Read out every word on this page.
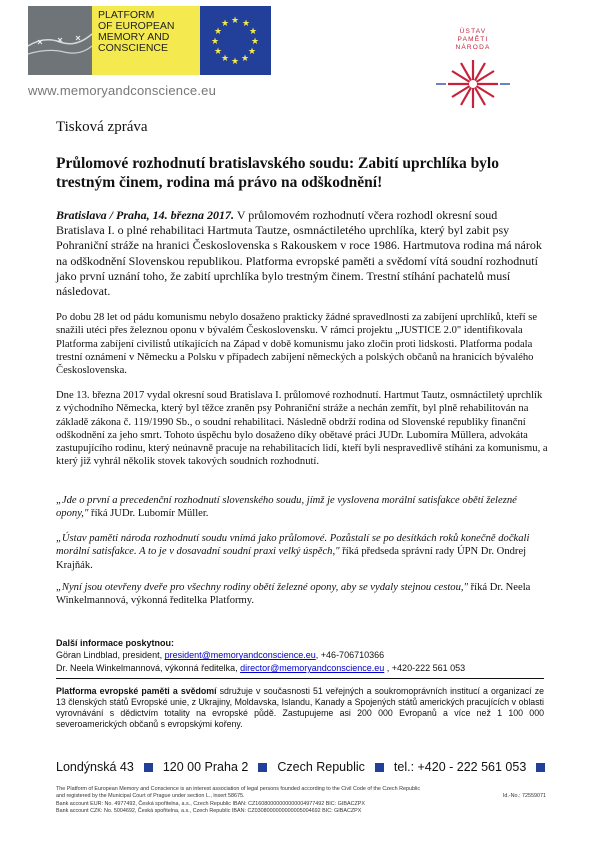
PLATFORM
OF EUROPEAN
MEMORY AND
CONSCIENCE
★ ★
★
★
★
★
★
★
★
★
★
★
www.memoryandconscience.eu
ÚSTAV
PAMĚTI
NÁRODA
Tisková zpráva
Průlomové rozhodnutí bratislavského soudu: Zabití uprchlíka bylo trestným činem, rodina má právo na odškodnění!
Bratislava / Praha, 14. března 2017. V průlomovém rozhodnutí včera rozhodl okresní soud Bratislava I. o plné rehabilitaci Hartmuta Tautze, osmnáctiletého uprchlíka, který byl zabit psy Pohraniční stráže na hranici Československa s Rakouskem v roce 1986. Hartmutova rodina má nárok na odškodnění Slovenskou republikou. Platforma evropské paměti a svědomí vítá soudní rozhodnutí jako první uznání toho, že zabití uprchlíka bylo trestným činem. Trestní stíhání pachatelů musí následovat.

Po dobu 28 let od pádu komunismu nebylo dosaženo prakticky žádné spravedlnosti za zabíjení uprchlíků, kteří se snažili utéci přes železnou oponu v bývalém Československu. V rámci projektu „JUSTICE 2.0" identifikovala Platforma zabíjení civilistů utíkajících na Západ v době komunismu jako zločin proti lidskosti. Platforma podala trestní oznámení v Německu a Polsku v případech zabíjení německých a polských občanů na hranicích bývalého Československa.

Dne 13. března 2017 vydal okresní soud Bratislava I. průlomové rozhodnutí. Hartmut Tautz, osmnáctiletý uprchlík z východního Německa, který byl těžce zraněn psy Pohraniční stráže a nechán zemřít, byl plně rehabilitován na základě zákona č. 119/1990 Sb., o soudní rehabilitaci. Následně obdrží rodina od Slovenské republiky finanční odškodnění za jeho smrt. Tohoto úspěchu bylo dosaženo díky obětavé práci JUDr. Lubomíra Müllera, advokáta zastupujícího rodinu, který neúnavně pracuje na rehabilitacích lidí, kteří byli nespravedlivě stíháni za komunismu, a který již vyhrál několik stovek takových soudních rozhodnutí.

„Jde o první a precedenční rozhodnutí slovenského soudu, jímž je vyslovena morální satisfakce obětí železné opony," říká JUDr. Lubomír Müller.

„Ústav paměti národa rozhodnutí soudu vnímá jako průlomové. Pozůstalí se po desítkách roků konečně dočkali morální satisfakce. A to je v dosavadní soudní praxi velký úspěch," říká předseda správní rady ÚPN Dr. Ondrej Krajňák.

„Nyní jsou otevřeny dveře pro všechny rodiny obětí železné opony, aby se vydaly stejnou cestou," říká Dr. Neela Winkelmannová, výkonná ředitelka Platformy.

Další informace poskytnou:
Göran Lindblad, president, president@memoryandconscience.eu, +46-706710366
Dr. Neela Winkelmannová, výkonná ředitelka, director@memoryandconscience.eu , +420-222 561 053
Platforma evropské paměti a svědomí sdružuje v současnosti 51 veřejných a soukromoprávních institucí a organizací ze 13 členských států Evropské unie, z Ukrajiny, Moldavska, Islandu, Kanady a Spojených států amerických pracujících v oblasti vyrovnávání s dědictvím totality na evropské půdě. Zastupujeme asi 200 000 Evropanů a více než 1 100 000 severoamerických občanů s evropskými kořeny.
Londýnská 43 120 00 Praha 2 Czech Republic tel.: +420 - 222 561 053
The Platform of European Memory and Conscience is an interest association of legal persons founded according to the Civil Code of the Czech Republic
and registered by the Municipal Court of Prague under section L., insert 58675.	Id.-No.: 72559071
Bank account EUR: No. 4977492, Česká spořitelna, a.s., Czech Republic IBAN: CZ16080000000000004977492 BIC: GIBACZPX
Bank account CZK: No. 5004692, Česká spořitelna, a.s., Czech Republic IBAN: CZ0308000000000005004692 BIC: GIBACZPX
